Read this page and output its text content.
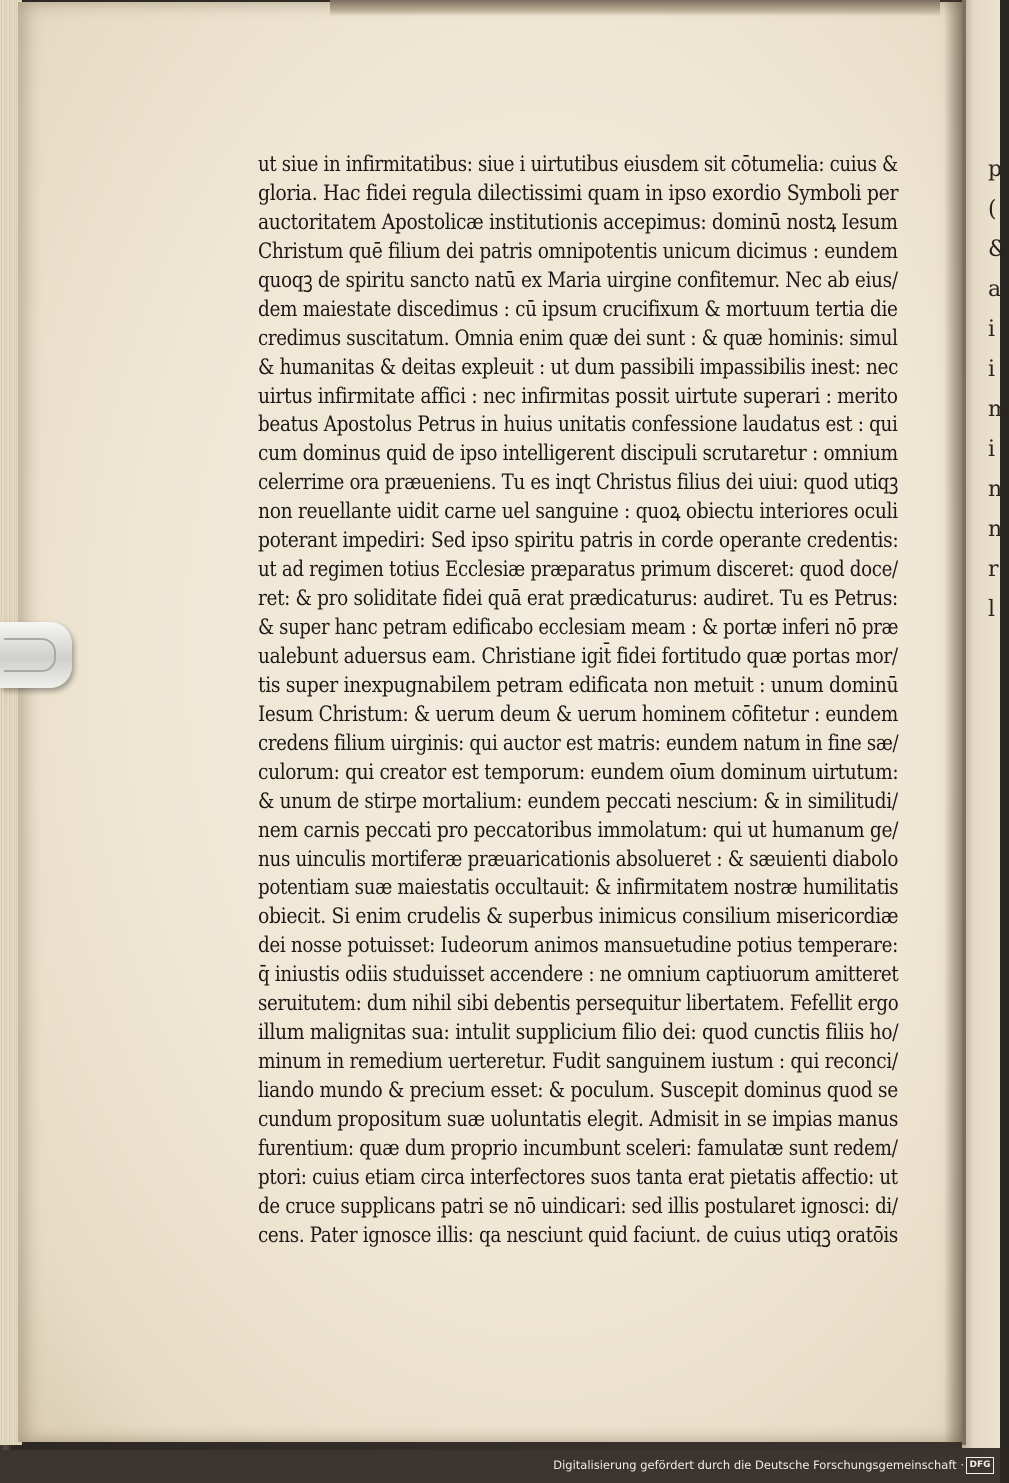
p
(
&
a
i
i
m
i
n
n
r
l
ut siue in infirmitatibus: siue i uirtutibus eiusdem sit cōtumelia: cuius &
gloria. Hac fidei regula dilectissimi quam in ipso exordio Symboli per
auctoritatem Apostolicæ institutionis accepimus: dominū nostꝝ Iesum
Christum quē filium dei patris omnipotentis unicum dicimus : eundem
quoqꝫ de spiritu sancto natū ex Maria uirgine confitemur. Nec ab eius/
dem maiestate discedimus : cū ipsum crucifixum & mortuum tertia die
credimus suscitatum. Omnia enim quæ dei sunt : & quæ hominis: simul
& humanitas & deitas expleuit : ut dum passibili impassibilis inest: nec
uirtus infirmitate affici : nec infirmitas possit uirtute superari : merito
beatus Apostolus Petrus in huius unitatis confessione laudatus est : qui
cum dominus quid de ipso intelligerent discipuli scrutaretur : omnium
celerrime ora præueniens. Tu es inqt Christus filius dei uiui: quod utiqꝫ
non reuellante uidit carne uel sanguine : quoꝝ obiectu interiores oculi
poterant impediri: Sed ipso spiritu patris in corde operante credentis:
ut ad regimen totius Ecclesiæ præparatus primum disceret: quod doce/
ret: & pro soliditate fidei quā erat prædicaturus: audiret. Tu es Petrus:
& super hanc petram edificabo ecclesiam meam : & portæ inferi nō præ
ualebunt aduersus eam. Christiane igit̄ fidei fortitudo quæ portas mor/
tis super inexpugnabilem petram edificata non metuit : unum dominū
Iesum Christum: & uerum deum & uerum hominem cōfitetur : eundem
credens filium uirginis: qui auctor est matris: eundem natum in fine sæ/
culorum: qui creator est temporum: eundem oīum dominum uirtutum:
& unum de stirpe mortalium: eundem peccati nescium: & in similitudi/
nem carnis peccati pro peccatoribus immolatum: qui ut humanum ge/
nus uinculis mortiferæ præuaricationis absolueret : & sæuienti diabolo
potentiam suæ maiestatis occultauit: & infirmitatem nostræ humilitatis
obiecit. Si enim crudelis & superbus inimicus consilium misericordiæ
dei nosse potuisset: Iudeorum animos mansuetudine potius temperare:
q̄ iniustis odiis studuisset accendere : ne omnium captiuorum amitteret
seruitutem: dum nihil sibi debentis persequitur libertatem. Fefellit ergo
illum malignitas sua: intulit supplicium filio dei: quod cunctis filiis ho/
minum in remedium uerteretur. Fudit sanguinem iustum : qui reconci/
liando mundo & precium esset: & poculum. Suscepit dominus quod se
cundum propositum suæ uoluntatis elegit. Admisit in se impias manus
furentium: quæ dum proprio incumbunt sceleri: famulatæ sunt redem/
ptori: cuius etiam circa interfectores suos tanta erat pietatis affectio: ut
de cruce supplicans patri se nō uindicari: sed illis postularet ignosci: di/
cens. Pater ignosce illis: qa nesciunt quid faciunt. de cuius utiqꝫ oratōis
Digitalisierung gefördert durch die Deutsche Forschungsgemeinschaft · DFG
